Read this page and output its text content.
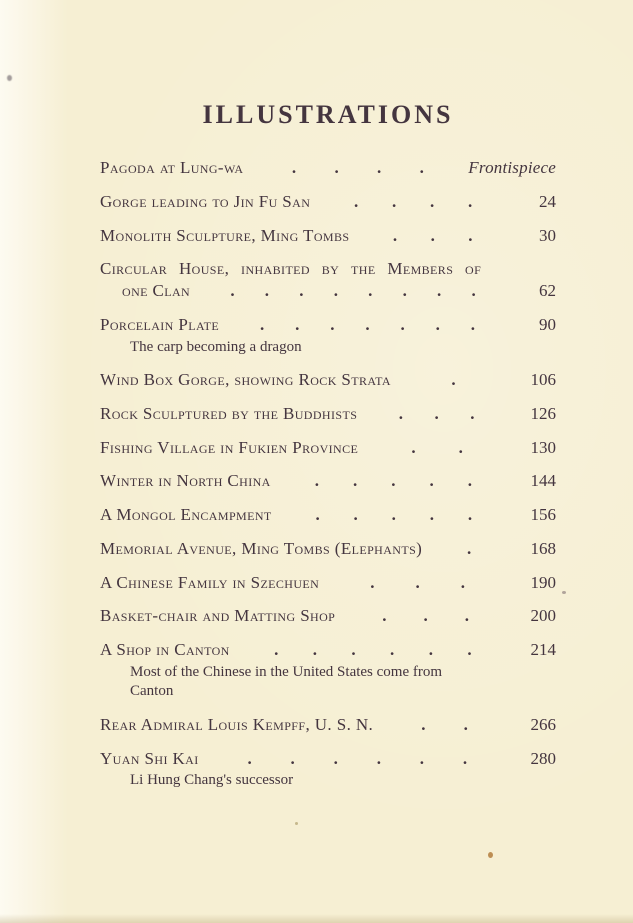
ILLUSTRATIONS
Pagoda at Lung-wa	. . . .	Frontispiece
Gorge leading to Jin Fu San	. . . .	24
Monolith Sculpture, Ming Tombs	. . .	30
Circular House, inhabited by the Members of
one Clan . . . . . . . .	62
Porcelain Plate . . . . . . .	90
The carp becoming a dragon
Wind Box Gorge, showing Rock Strata	.	106
Rock Sculptured by the Buddhists . . .	126
Fishing Village in Fukien Province	.	.	130
Winter in North China	. . . . .	144
A Mongol Encampment	. . . . .	156
Memorial Avenue, Ming Tombs (Elephants)	.	168
A Chinese Family in Szechuen	. . .	190
Basket-chair and Matting Shop	. . .	200
A Shop in Canton	. . . . . .	214
Most of the Chinese in the United States come from
Canton
Rear Admiral Louis Kempff, U. S. N.	. .	266
Yuan Shi Kai	. . . . . .	280
Li Hung Chang's successor
